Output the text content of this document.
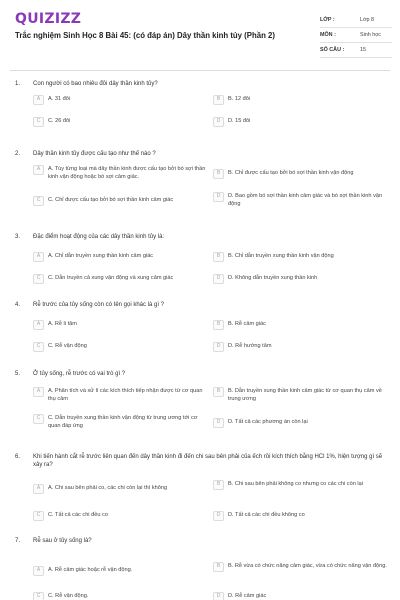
QUIZIZZ
Trắc nghiệm Sinh Học 8 Bài 45: (có đáp án) Dây thần kinh tủy (Phần 2)
LỚP :	Lớp 8
MÔN :	Sinh học
SỐ CÂU :	15
1.	Con người có bao nhiêu đôi dây thần kinh tủy?
A	A. 31 đôi	B	B. 12 đôi
C	C. 26 đôi	D	D. 15 đôi
2.	Dây thần kinh tủy được cấu tạo như thế nào ?
A	A. Tùy từng loại mà dây thần kinh được cấu tạo bởi bó sợi thần kinh vận động hoặc bó sợi cảm giác.
B	B. Chỉ được cấu tạo bởi bó sợi thần kinh vận động
C	C. Chỉ được cấu tạo bởi bó sợi thần kinh cảm giác
D	D. Bao gồm bó sợi thần kinh cảm giác và bó sợi thần kinh vận động
3.	Đặc điểm hoạt động của các dây thần kinh tủy là:
A	A. Chỉ dẫn truyền xung thần kinh cảm giác	B	B. Chỉ dẫn truyền xung thần kinh vận động
C	C. Dẫn truyền cả xung vận động và xung cảm giác	D	D. Không dẫn truyền xung thần kinh
4.	Rễ trước của tủy sống còn có tên gọi khác là gì ?
A	A. Rễ li tâm	B	B. Rễ cảm giác
C	C. Rễ vận động	D	D. Rễ hướng tâm
5.	Ở tủy sống, rễ trước có vai trò gì ?
A	A. Phân tích và xử lí các kích thích tiếp nhận được từ cơ quan thụ cảm
B	B. Dẫn truyền xung thần kinh cảm giác từ cơ quan thụ cảm về trung ương
C	C. Dẫn truyền xung thần kinh vận động từ trung ương tới cơ quan đáp ứng
D	D. Tất cả các phương án còn lại
6.	Khi tiến hành cắt rễ trước liên quan đến dây thần kinh đi đến chi sau bên phải của ếch rồi kích thích bằng HCl 1%, hiện tượng gì sẽ xảy ra?
A	A. Chi sau bên phải co, các chi còn lại thì không
B	B. Chi sau bên phải không co nhưng co các chi còn lại
C	C. Tất cả các chi đều co	D	D. Tất cả các chi đều không co
7.	Rễ sau ở tủy sống là?
A	A. Rễ cảm giác hoặc rễ vận động.
B	B. Rễ vừa có chức năng cảm giác, vừa có chức năng vận động.
C	C. Rễ vận động.	D	D. Rễ cảm giác
